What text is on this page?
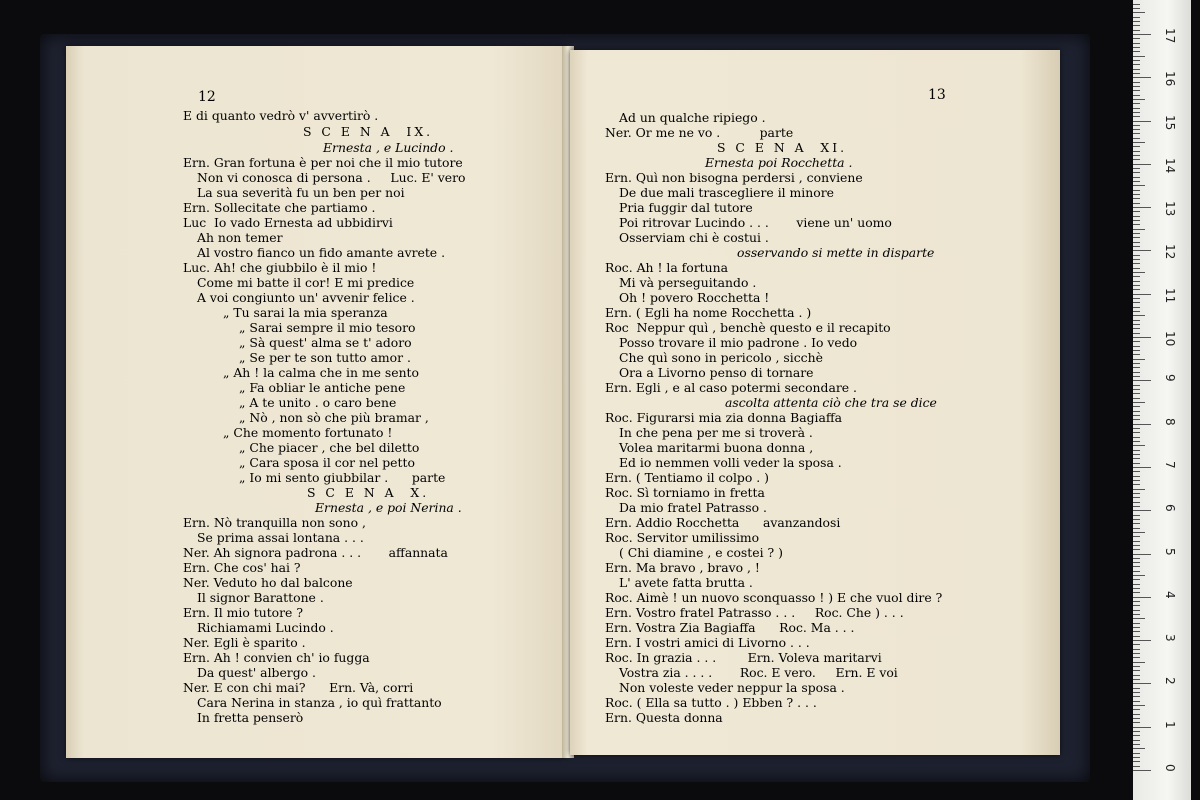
12	13
E di quanto vedrò v' avvertirò .
S C E N A  IX.
Ernesta , e Lucindo .
Ern. Gran fortuna è per noi che il mio tutore
Non vi conosca di persona .     Luc. E' vero
La sua severità fu un ben per noi
Ern. Sollecitate che partiamo .
Luc  Io vado Ernesta ad ubbidirvi
Ah non temer
Al vostro fianco un fido amante avrete .
Luc. Ah! che giubbilo è il mio !
Come mi batte il cor! E mi predice
A voi congiunto un' avvenir felice .
„ Tu sarai la mia speranza
„ Sarai sempre il mio tesoro
„ Sà quest' alma se t' adoro
„ Se per te son tutto amor .
„ Ah ! la calma che in me sento
„ Fa obliar le antiche pene
„ A te unito . o caro bene
„ Nò , non sò che più bramar ,
„ Che momento fortunato !
„ Che piacer , che bel diletto
„ Cara sposa il cor nel petto
„ Io mi sento giubbilar .      parte
S C E N A  X.
Ernesta , e poi Nerina .
Ern. Nò tranquilla non sono ,
Se prima assai lontana . . .
Ner. Ah signora padrona . . .       affannata
Ern. Che cos' hai ?
Ner. Veduto ho dal balcone
Il signor Barattone .
Ern. Il mio tutore ?
Richiamami Lucindo .
Ner. Egli è sparito .
Ern. Ah ! convien ch' io fugga
Da quest' albergo .
Ner. E con chi mai?      Ern. Và, corri
Cara Nerina in stanza , io quì frattanto
In fretta penserò
Ad un qualche ripiego .
Ner. Or me ne vo .          parte
S C E N A  XI.
Ernesta poi Rocchetta .
Ern. Quì non bisogna perdersi , conviene
De due mali trascegliere il minore
Pria fuggir dal tutore
Poi ritrovar Lucindo . . .       viene un' uomo
Osserviam chi è costui .
osservando si mette in disparte
Roc. Ah ! la fortuna
Mi và perseguitando .
Oh ! povero Rocchetta !
Ern. ( Egli ha nome Rocchetta . )
Roc  Neppur quì , benchè questo e il recapito
Posso trovare il mio padrone . Io vedo
Che quì sono in pericolo , sicchè
Ora a Livorno penso di tornare
Ern. Egli , e al caso potermi secondare .
ascolta attenta ciò che tra se dice
Roc. Figurarsi mia zia donna Bagiaffa
In che pena per me si troverà .
Volea maritarmi buona donna ,
Ed io nemmen volli veder la sposa .
Ern. ( Tentiamo il colpo . )
Roc. Sì torniamo in fretta
Da mio fratel Patrasso .
Ern. Addio Rocchetta      avanzandosi
Roc. Servitor umilissimo
( Chi diamine , e costei ? )
Ern. Ma bravo , bravo , !
L' avete fatta brutta .
Roc. Aimè ! un nuovo sconquasso ! ) E che vuol dire ?
Ern. Vostro fratel Patrasso . . .     Roc. Che ) . . .
Ern. Vostra Zia Bagiaffa      Roc. Ma . . .
Ern. I vostri amici di Livorno . . .
Roc. In grazia . . .        Ern. Voleva maritarvi
Vostra zia . . . .       Roc. E vero.     Ern. E voi
Non voleste veder neppur la sposa .
Roc. ( Ella sa tutto . ) Ebben ? . . .
Ern. Questa donna
0
1
2
3
4
5
6
7
8
9
10
11
12
13
14
15
16
17
